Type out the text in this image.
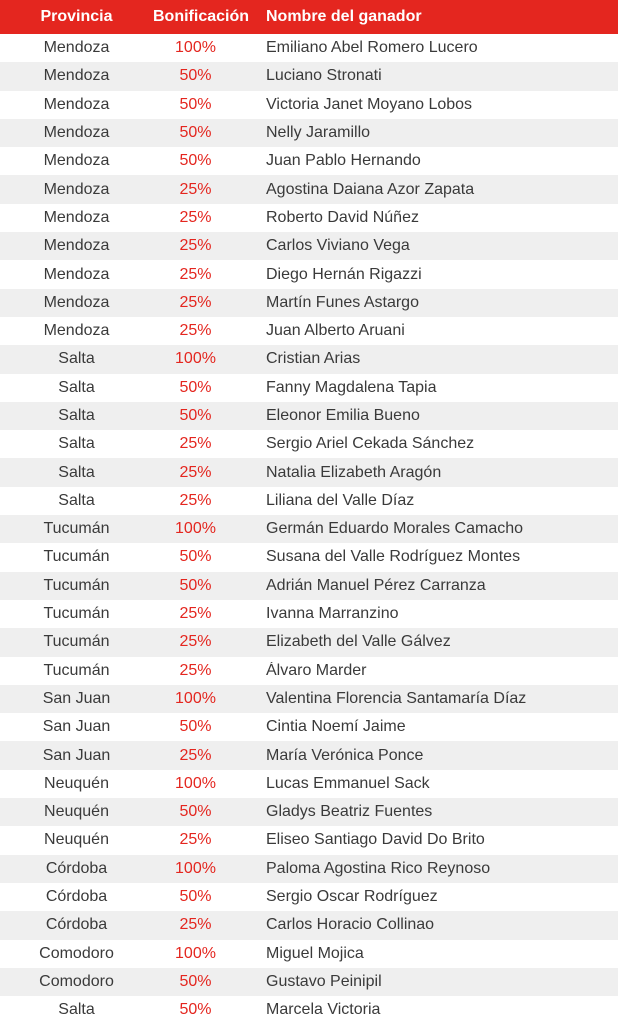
Provincia	Bonificación	Nombre del ganador
Mendoza	100%	Emiliano Abel Romero Lucero
Mendoza	50%	Luciano Stronati
Mendoza	50%	Victoria Janet Moyano Lobos
Mendoza	50%	Nelly Jaramillo
Mendoza	50%	Juan Pablo Hernando
Mendoza	25%	Agostina Daiana Azor Zapata
Mendoza	25%	Roberto David Núñez
Mendoza	25%	Carlos Viviano Vega
Mendoza	25%	Diego Hernán Rigazzi
Mendoza	25%	Martín Funes Astargo
Mendoza	25%	Juan Alberto Aruani
Salta	100%	Cristian Arias
Salta	50%	Fanny Magdalena Tapia
Salta	50%	Eleonor Emilia Bueno
Salta	25%	Sergio Ariel Cekada Sánchez
Salta	25%	Natalia Elizabeth Aragón
Salta	25%	Liliana del Valle Díaz
Tucumán	100%	Germán Eduardo Morales Camacho
Tucumán	50%	Susana del Valle Rodríguez Montes
Tucumán	50%	Adrián Manuel Pérez Carranza
Tucumán	25%	Ivanna Marranzino
Tucumán	25%	Elizabeth del Valle Gálvez
Tucumán	25%	Álvaro Marder
San Juan	100%	Valentina Florencia Santamaría Díaz
San Juan	50%	Cintia Noemí Jaime
San Juan	25%	María Verónica Ponce
Neuquén	100%	Lucas Emmanuel Sack
Neuquén	50%	Gladys Beatriz Fuentes
Neuquén	25%	Eliseo Santiago David Do Brito
Córdoba	100%	Paloma Agostina Rico Reynoso
Córdoba	50%	Sergio Oscar Rodríguez
Córdoba	25%	Carlos Horacio Collinao
Comodoro	100%	Miguel Mojica
Comodoro	50%	Gustavo Peinipil
Salta	50%	Marcela Victoria
